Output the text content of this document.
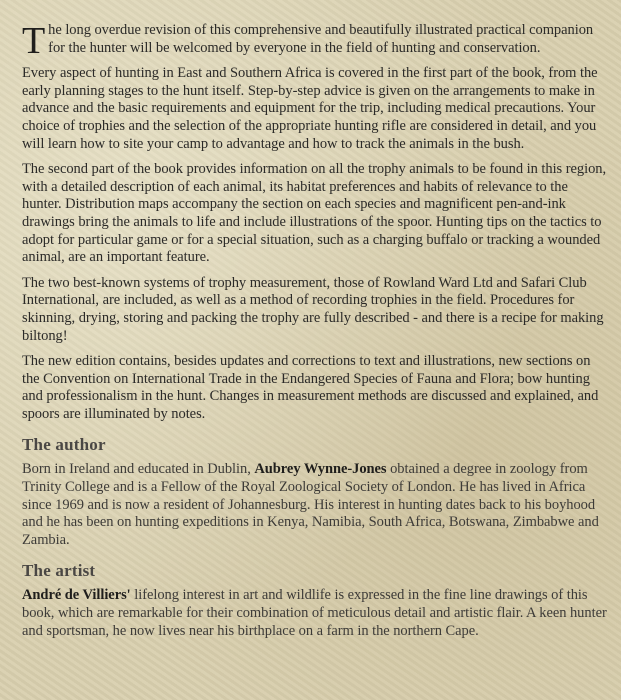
The long overdue revision of this comprehensive and beautifully illustrated practical companion for the hunter will be welcomed by everyone in the field of hunting and conservation.

Every aspect of hunting in East and Southern Africa is covered in the first part of the book, from the early planning stages to the hunt itself. Step-by-step advice is given on the arrangements to make in advance and the basic requirements and equipment for the trip, including medical precautions. Your choice of trophies and the selection of the appropriate hunting rifle are considered in detail, and you will learn how to site your camp to advantage and how to track the animals in the bush.

The second part of the book provides information on all the trophy animals to be found in this region, with a detailed description of each animal, its habitat preferences and habits of relevance to the hunter. Distribution maps accompany the section on each species and magnificent pen-and-ink drawings bring the animals to life and include illustrations of the spoor. Hunting tips on the tactics to adopt for particular game or for a special situation, such as a charging buffalo or tracking a wounded animal, are an important feature.

The two best-known systems of trophy measurement, those of Rowland Ward Ltd and Safari Club International, are included, as well as a method of recording trophies in the field. Procedures for skinning, drying, storing and packing the trophy are fully described - and there is a recipe for making biltong!

The new edition contains, besides updates and corrections to text and illustrations, new sections on the Convention on International Trade in the Endangered Species of Fauna and Flora; bow hunting and professionalism in the hunt. Changes in measurement methods are discussed and explained, and spoors are illuminated by notes.

The author

Born in Ireland and educated in Dublin, Aubrey Wynne-Jones obtained a degree in zoology from Trinity College and is a Fellow of the Royal Zoological Society of London. He has lived in Africa since 1969 and is now a resident of Johannesburg. His interest in hunting dates back to his boyhood and he has been on hunting expeditions in Kenya, Namibia, South Africa, Botswana, Zimbabwe and Zambia.

The artist

André de Villiers' lifelong interest in art and wildlife is expressed in the fine line drawings of this book, which are remarkable for their combination of meticulous detail and artistic flair. A keen hunter and sportsman, he now lives near his birthplace on a farm in the northern Cape.
